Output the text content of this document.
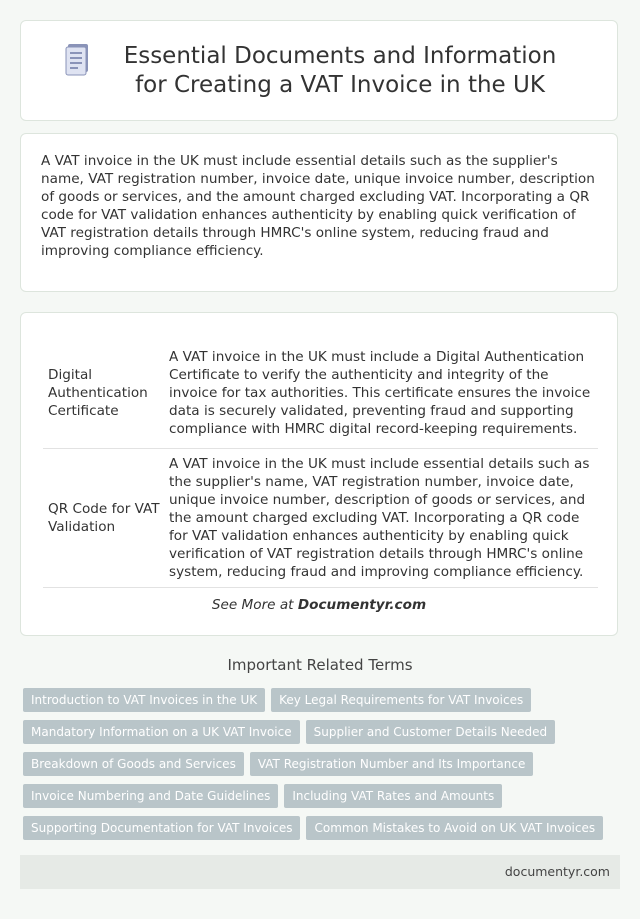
Essential Documents and Information for Creating a VAT Invoice in the UK

A VAT invoice in the UK must include essential details such as the supplier's name, VAT registration number, invoice date, unique invoice number, description of goods or services, and the amount charged excluding VAT. Incorporating a QR code for VAT validation enhances authenticity by enabling quick verification of VAT registration details through HMRC's online system, reducing fraud and improving compliance efficiency.

Digital Authentication Certificate	A VAT invoice in the UK must include a Digital Authentication Certificate to verify the authenticity and integrity of the invoice for tax authorities. This certificate ensures the invoice data is securely validated, preventing fraud and supporting compliance with HMRC digital record-keeping requirements.
QR Code for VAT Validation	A VAT invoice in the UK must include essential details such as the supplier's name, VAT registration number, invoice date, unique invoice number, description of goods or services, and the amount charged excluding VAT. Incorporating a QR code for VAT validation enhances authenticity by enabling quick verification of VAT registration details through HMRC's online system, reducing fraud and improving compliance efficiency.
See More at Documentyr.com
Important Related Terms
Introduction to VAT Invoices in the UK	Key Legal Requirements for VAT Invoices
Mandatory Information on a UK VAT Invoice	Supplier and Customer Details Needed
Breakdown of Goods and Services	VAT Registration Number and Its Importance
Invoice Numbering and Date Guidelines	Including VAT Rates and Amounts
Supporting Documentation for VAT Invoices	Common Mistakes to Avoid on UK VAT Invoices
documentyr.com
